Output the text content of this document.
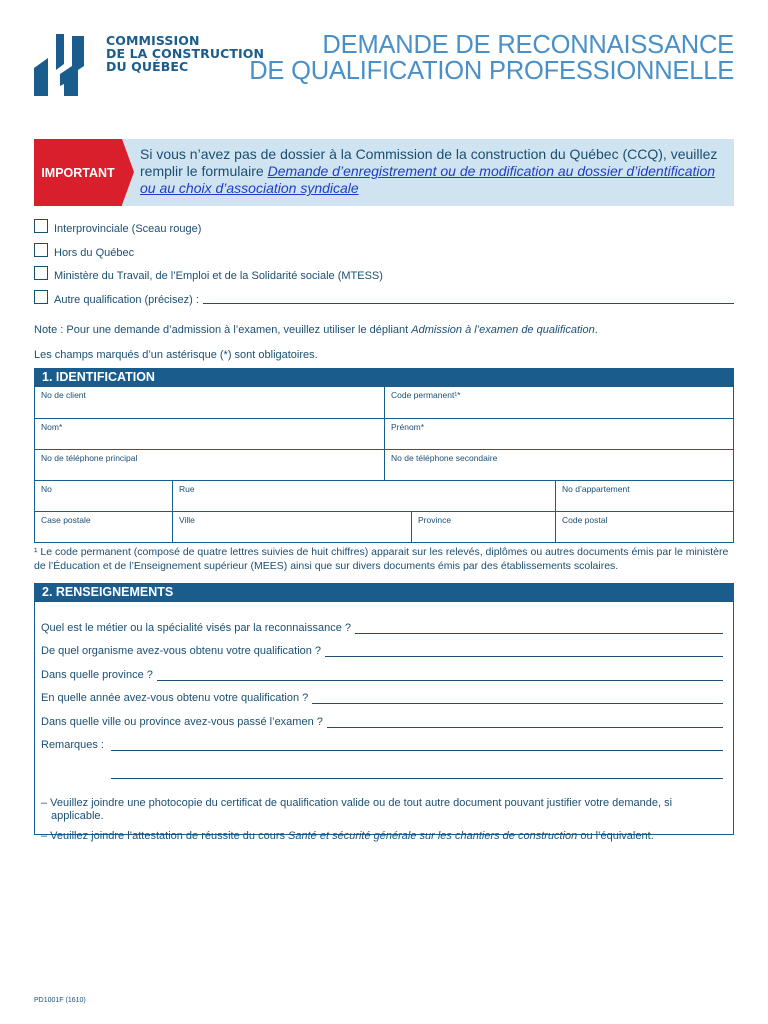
COMMISSION
DE LA CONSTRUCTION
DU QUÉBEC
DEMANDE DE RECONNAISSANCE
DE QUALIFICATION PROFESSIONNELLE
IMPORTANT
Si vous n’avez pas de dossier à la Commission de la construction du Québec (CCQ), veuillez remplir le formulaire Demande d’enregistrement ou de modification au dossier d’identification ou au choix d’association syndicale
Interprovinciale (Sceau rouge)
Hors du Québec
Ministère du Travail, de l’Emploi et de la Solidarité sociale (MTESS)
Autre qualification (précisez) :
Note : Pour une demande d’admission à l’examen, veuillez utiliser le dépliant Admission à l’examen de qualification.
Les champs marqués d’un astérisque (*) sont obligatoires.
1. IDENTIFICATION
No de client	Code permanent¹*
Nom*	Prénom*
No de téléphone principal	No de téléphone secondaire
No	Rue	No d’appartement
Case postale	Ville	Province	Code postal
¹ Le code permanent (composé de quatre lettres suivies de huit chiffres) apparait sur les relevés, diplômes ou autres documents émis par le ministère de l’Éducation et de l’Enseignement supérieur (MEES) ainsi que sur divers documents émis par des établissements scolaires.
2. RENSEIGNEMENTS
Quel est le métier ou la spécialité visés par la reconnaissance ?
De quel organisme avez-vous obtenu votre qualification ?
Dans quelle province ?
En quelle année avez-vous obtenu votre qualification ?
Dans quelle ville ou province avez-vous passé l’examen ?
Remarques :
– Veuillez joindre une photocopie du certificat de qualification valide ou de tout autre document pouvant justifier votre demande, si applicable.
– Veuillez joindre l’attestation de réussite du cours Santé et sécurité générale sur les chantiers de construction ou l’équivalent.
PD1001F (1610)
